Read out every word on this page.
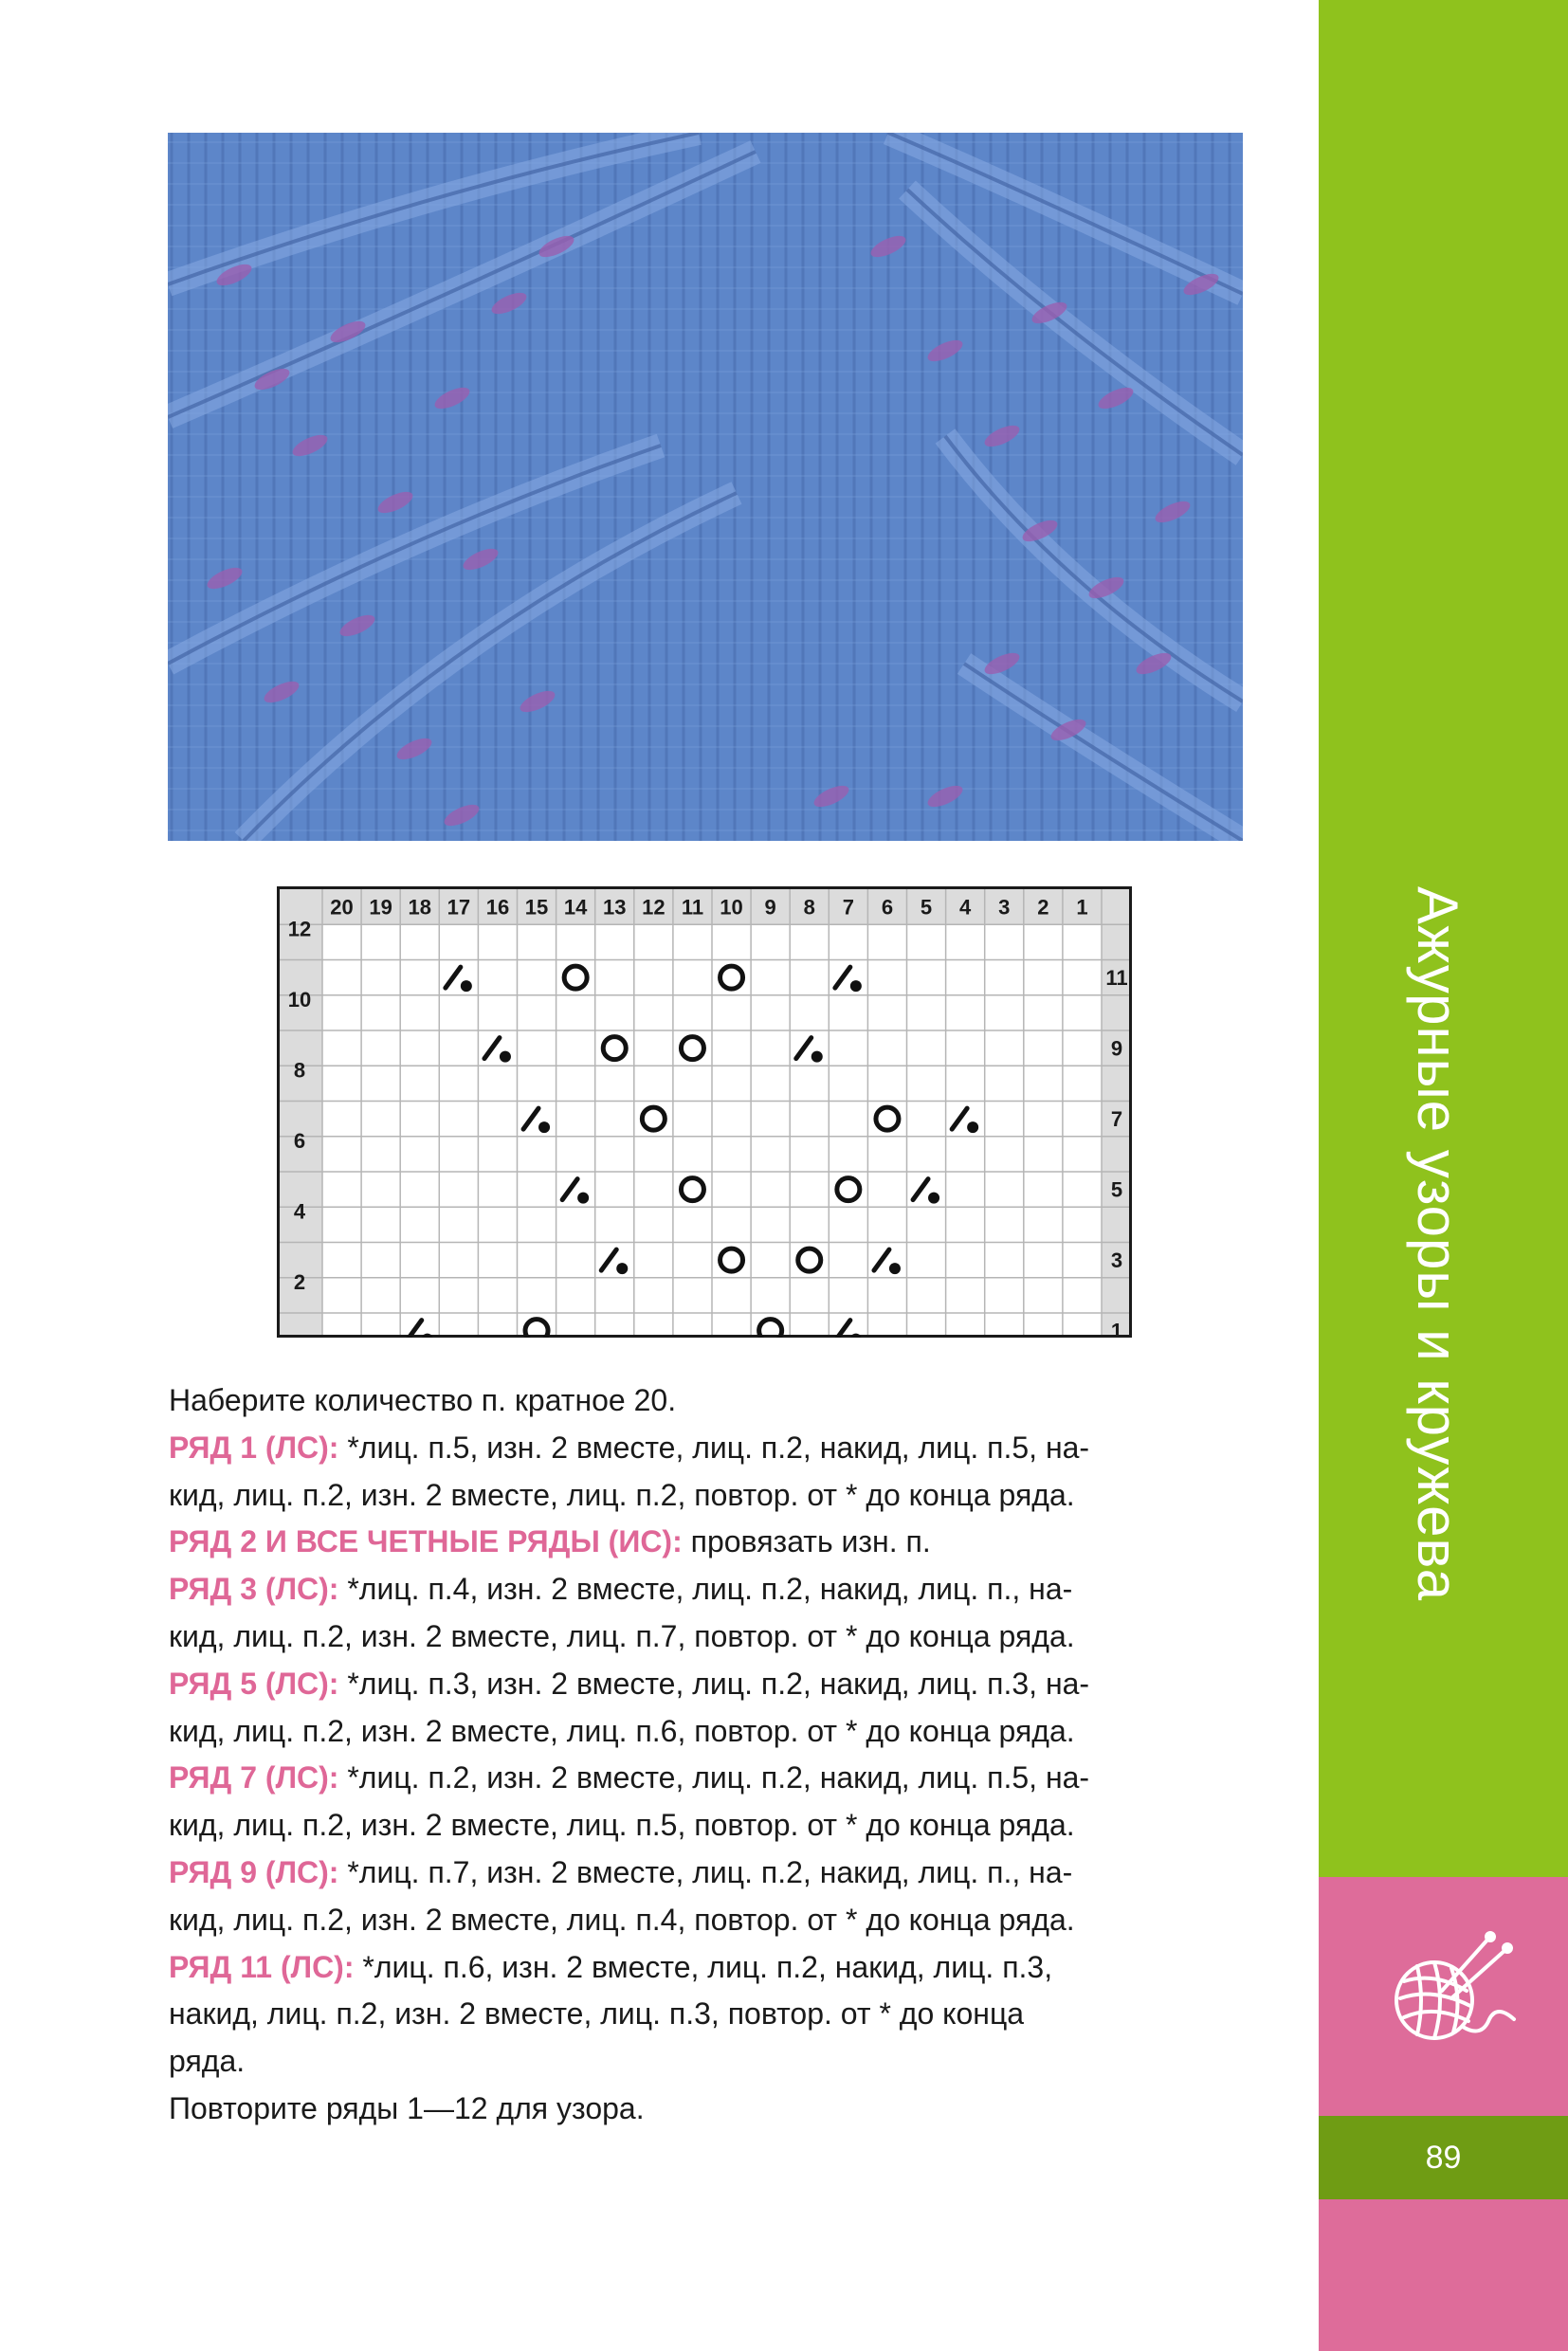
20 19 18 17 16 15 14 13 12 11 10 9 8 7 6 5 4 3 2 1
12
10
8
6
4
2
11
9
7
5
3
1

Наберите количество п. кратное 20.

РЯД 1 (ЛС): *лиц. п.5, изн. 2 вместе, лиц. п.2, накид, лиц. п.5, на-

кид, лиц. п.2, изн. 2 вместе, лиц. п.2, повтор. от * до конца ряда.

РЯД 2 И ВСЕ ЧЕТНЫЕ РЯДЫ (ИС): провязать изн. п.

РЯД 3 (ЛС): *лиц. п.4, изн. 2 вместе, лиц. п.2, накид, лиц. п., на-

кид, лиц. п.2, изн. 2 вместе, лиц. п.7, повтор. от * до конца ряда.

РЯД 5 (ЛС): *лиц. п.3, изн. 2 вместе, лиц. п.2, накид, лиц. п.3, на-

кид, лиц. п.2, изн. 2 вместе, лиц. п.6, повтор. от * до конца ряда.

РЯД 7 (ЛС): *лиц. п.2, изн. 2 вместе, лиц. п.2, накид, лиц. п.5, на-

кид, лиц. п.2, изн. 2 вместе, лиц. п.5, повтор. от * до конца ряда.

РЯД 9 (ЛС): *лиц. п.7, изн. 2 вместе, лиц. п.2, накид, лиц. п., на-

кид, лиц. п.2, изн. 2 вместе, лиц. п.4, повтор. от * до конца ряда.

РЯД 11 (ЛС): *лиц. п.6, изн. 2 вместе, лиц. п.2, накид, лиц. п.3,

накид, лиц. п.2, изн. 2 вместе, лиц. п.3, повтор. от * до конца

ряда.

Повторите ряды 1—12 для узора.

Ажурные узоры и кружева
89
